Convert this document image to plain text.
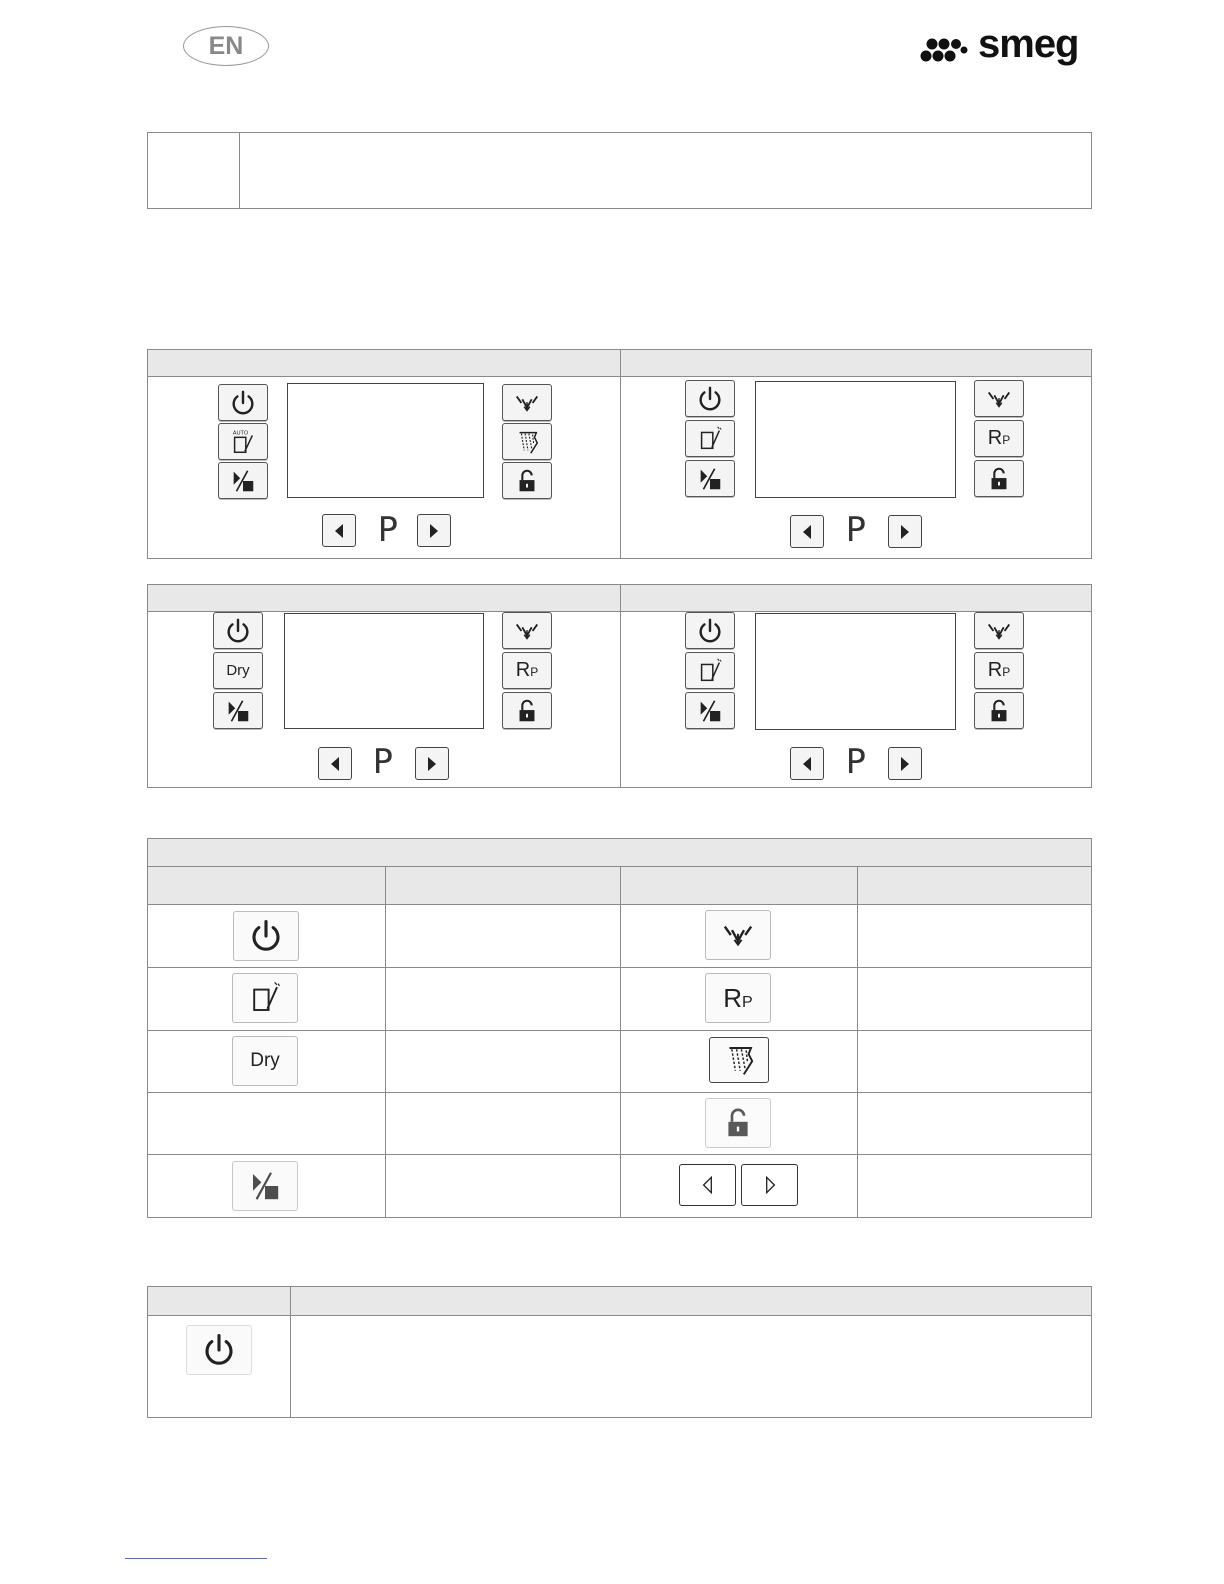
EN	smeg
P
RP
P
Dry	RP
P
RP
P
RP
Dry
